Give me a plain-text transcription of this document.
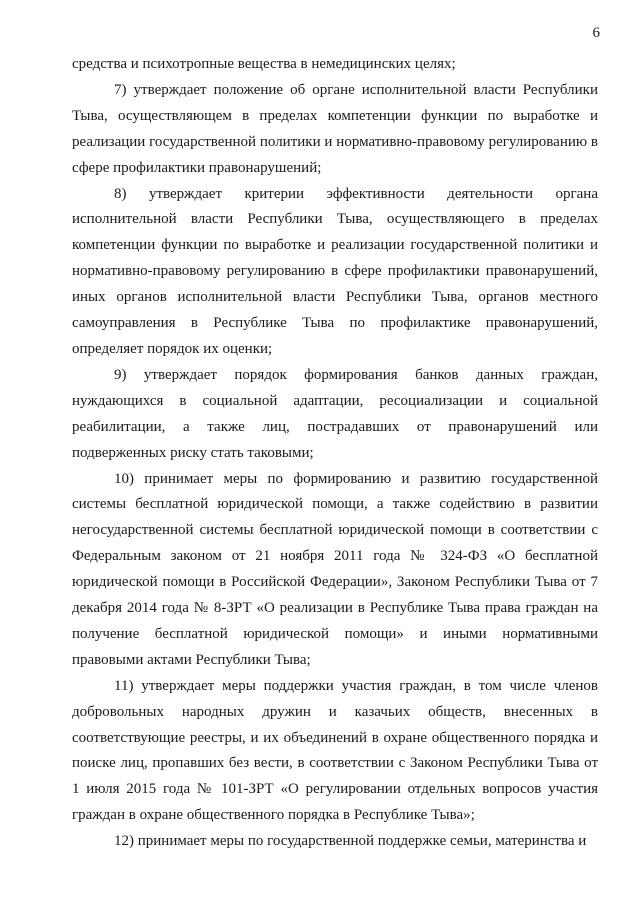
6

средства и психотропные вещества в немедицинских целях;

7) утверждает положение об органе исполнительной власти Республики Тыва, осуществляющем в пределах компетенции функции по выработке и реализации государственной политики и нормативно-правовому регулированию в сфере профилактики правонарушений;

8) утверждает критерии эффективности деятельности органа исполнительной власти Республики Тыва, осуществляющего в пределах компетенции функции по выработке и реализации государственной политики и нормативно-правовому регулированию в сфере профилактики правонарушений, иных органов исполнительной власти Республики Тыва, органов местного самоуправления в Республике Тыва по профилактике правонарушений, определяет порядок их оценки;

9) утверждает порядок формирования банков данных граждан, нуждающихся в социальной адаптации, ресоциализации и социальной реабилитации, а также лиц, пострадавших от правонарушений или подверженных риску стать таковыми;

10) принимает меры по формированию и развитию государственной системы бесплатной юридической помощи, а также содействию в развитии негосударственной системы бесплатной юридической помощи в соответствии с Федеральным законом от 21 ноября 2011 года № 324-ФЗ «О бесплатной юридической помощи в Российской Федерации», Законом Республики Тыва от 7 декабря 2014 года № 8-ЗРТ «О реализации в Республике Тыва права граждан на получение бесплатной юридической помощи» и иными нормативными правовыми актами Республики Тыва;

11) утверждает меры поддержки участия граждан, в том числе членов добровольных народных дружин и казачьих обществ, внесенных в соответствующие реестры, и их объединений в охране общественного порядка и поиске лиц, пропавших без вести, в соответствии с Законом Республики Тыва от 1 июля 2015 года № 101-ЗРТ «О регулировании отдельных вопросов участия граждан в охране общественного порядка в Республике Тыва»;

12) принимает меры по государственной поддержке семьи, материнства и
